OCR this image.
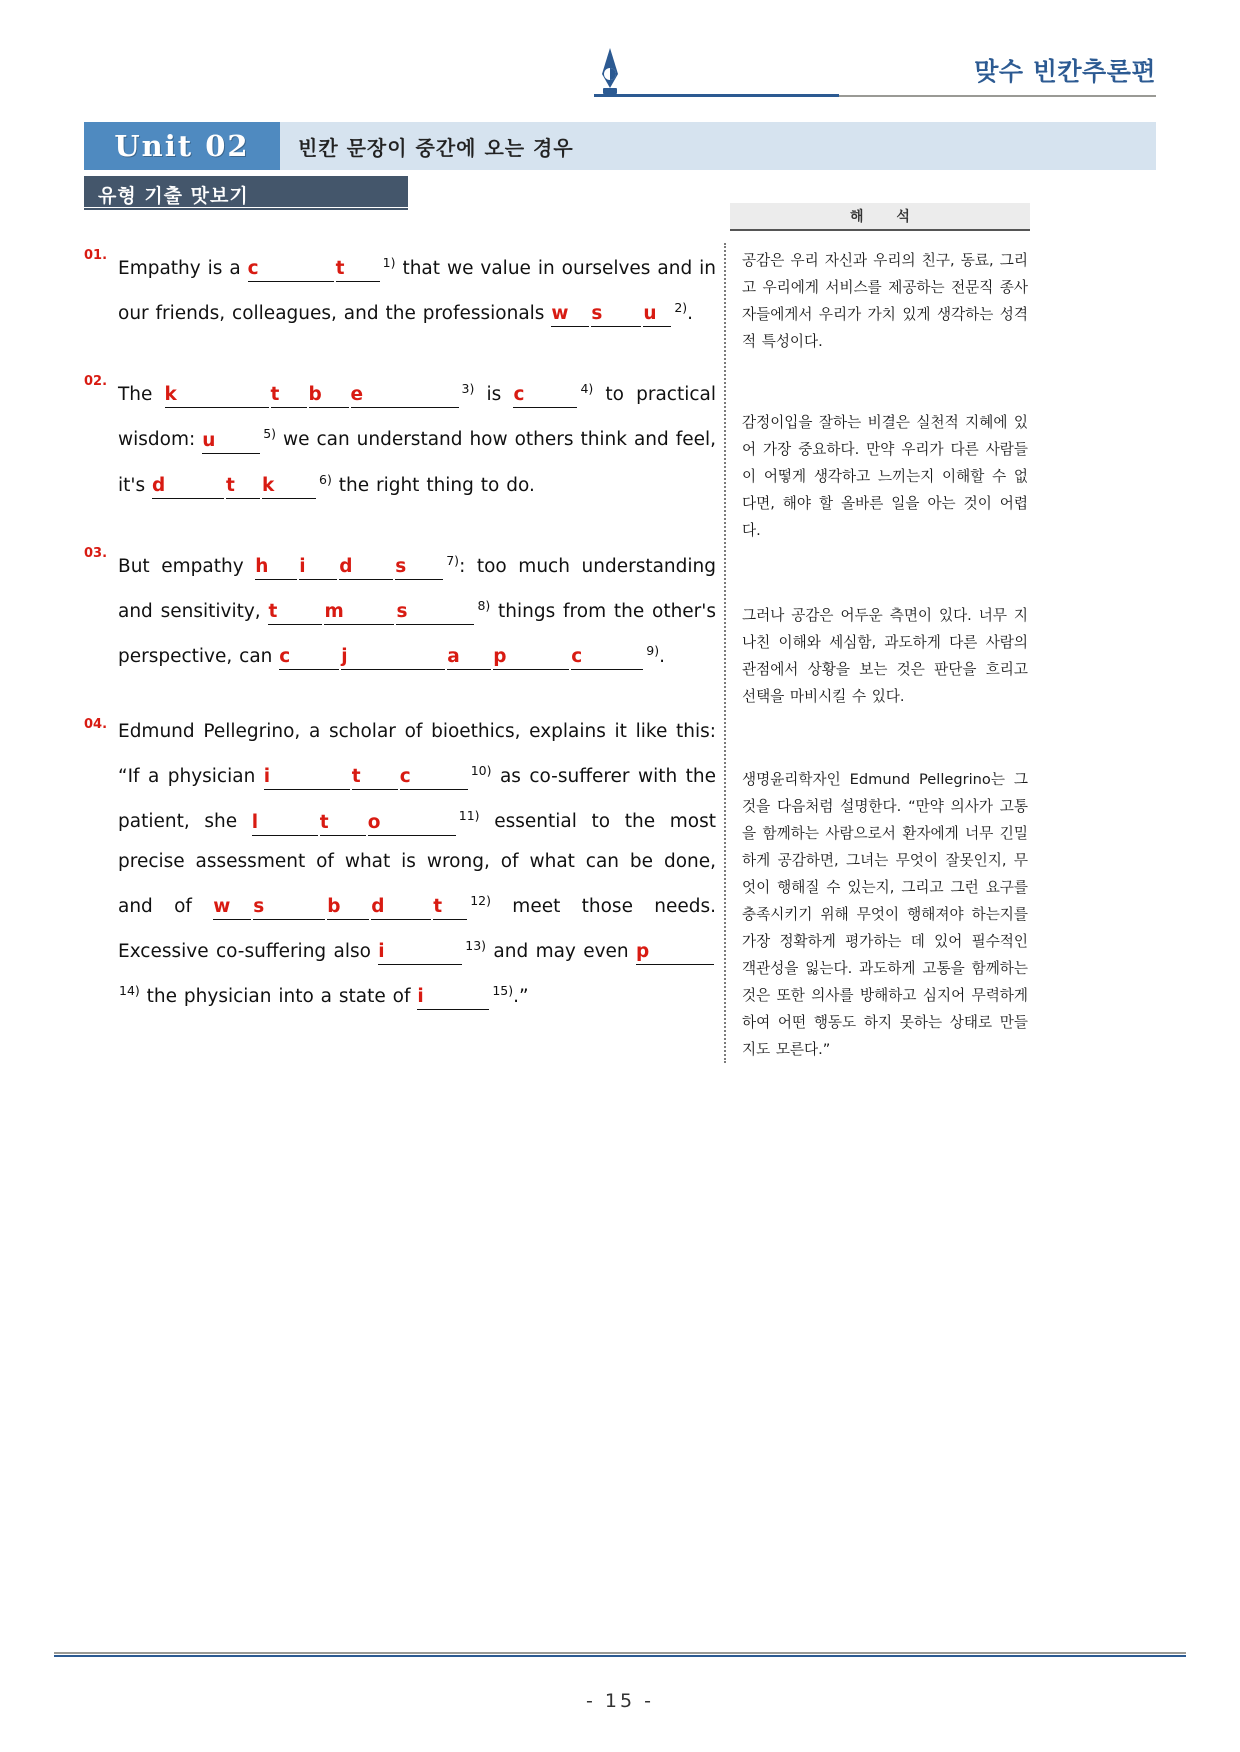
맞수 빈칸추론편
Unit 02	빈칸 문장이 중간에 오는 경우
유형 기출 맛보기
해 석
01.
Empathy is a c	t	$^{1)}$ that we value in ourselves and in our friends, colleagues, and the professionals w s u $^{2)}$.
02.
The k	t b e	$^{3)}$ is c	$^{4)}$ to practical wisdom: u	$^{5)}$ we can understand how others think and feel, it's d	t k	$^{6)}$ the right thing to do.
03.
But empathy h i d s	$^{7)}$: too much understanding and sensitivity, t	m	s	$^{8)}$ things from the other's perspective, can c	j	a p	c	$^{9)}$.
04. Edmund Pellegrino, a scholar of bioethics, explains it like this: “If a physician i	t c	$^{10)}$ as co-sufferer with the patient, she l	t o	$^{11)}$ essential to the most precise assessment of what is wrong, of what can be done, and of w s	b d	t $^{12)}$ meet those needs. Excessive co-suffering also i	$^{13)}$ and may even $p^{14)}$ the physician into a state of i	$^{15)}$.”
공감은 우리 자신과 우리의 친구, 동료, 그리고 우리에게 서비스를 제공하는 전문직 종사자들에게서 우리가 가치 있게 생각하는 성격적 특성이다.
감정이입을 잘하는 비결은 실천적 지혜에 있어 가장 중요하다. 만약 우리가 다른 사람들이 어떻게 생각하고 느끼는지 이해할 수 없다면, 해야 할 올바른 일을 아는 것이 어렵다.
그러나 공감은 어두운 측면이 있다. 너무 지나친 이해와 세심함, 과도하게 다른 사람의 관점에서 상황을 보는 것은 판단을 흐리고 선택을 마비시킬 수 있다.
생명윤리학자인 Edmund Pellegrino는 그것을 다음처럼 설명한다. “만약 의사가 고통을 함께하는 사람으로서 환자에게 너무 긴밀하게 공감하면, 그녀는 무엇이 잘못인지, 무엇이 행해질 수 있는지, 그리고 그런 요구를 충족시키기 위해 무엇이 행해져야 하는지를 가장 정확하게 평가하는 데 있어 필수적인 객관성을 잃는다. 과도하게 고통을 함께하는 것은 또한 의사를 방해하고 심지어 무력하게 하여 어떤 행동도 하지 못하는 상태로 만들지도 모른다.”
- 15 -
